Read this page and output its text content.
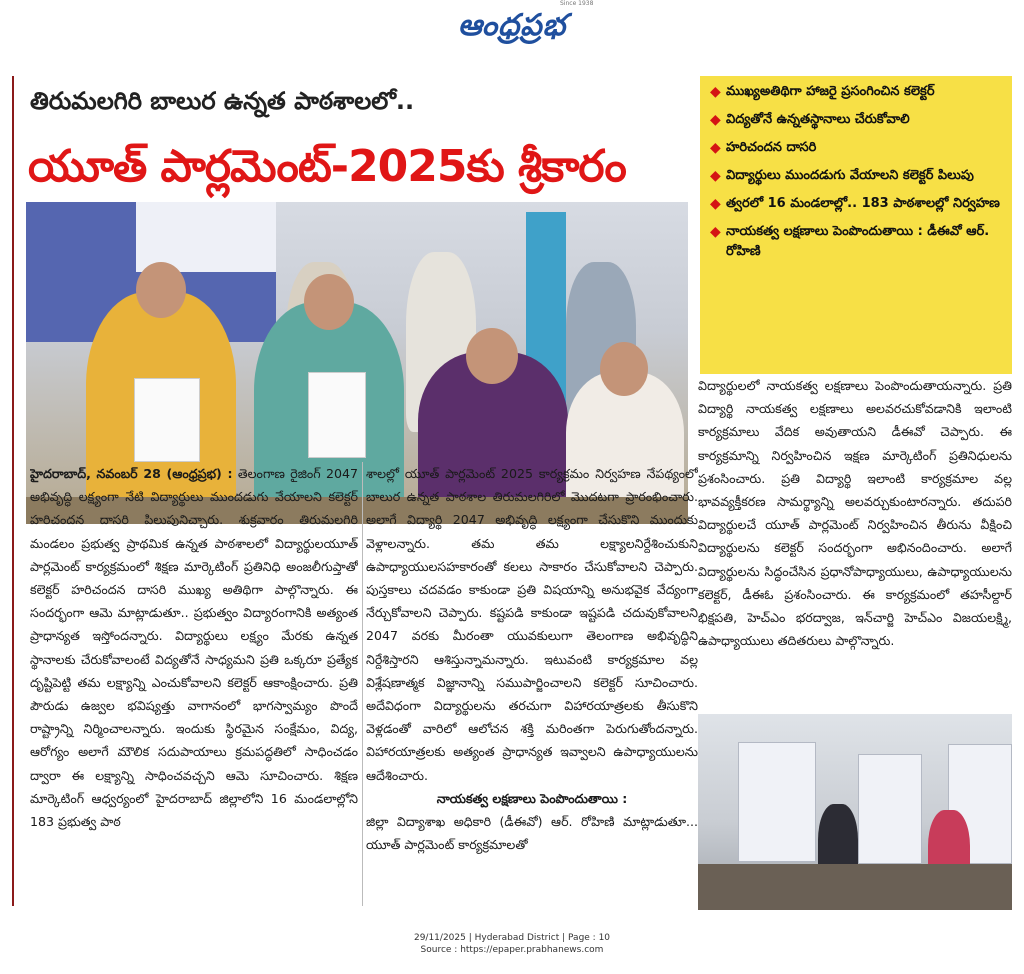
ఆంధ్రప్రభ
Since 1938
తిరుమలగిరి బాలుర ఉన్నత పాఠశాలలో..
యూత్ పార్లమెంట్-2025కు శ్రీకారం
◆ ముఖ్యఅతిథిగా హాజరై ప్రసంగించిన కలెక్టర్
◆ విద్యతోనే ఉన్నతస్థానాలు చేరుకోవాలి
◆ హరిచందన దాసరి
◆ విద్యార్థులు ముందడుగు వేయాలని కలెక్టర్ పిలుపు
◆ త్వరలో 16 మండలాల్లో.. 183 పాఠశాలల్లో నిర్వహణ
◆ నాయకత్వ లక్షణాలు పెంపొందుతాయి : డీఈవో ఆర్. రోహిణి

హైదరాబాద్, నవంబర్ 28 (ఆంధ్రప్రభ) : తెలంగాణ రైజింగ్ 2047 అభివృద్ధి లక్ష్యంగా నేటి విద్యార్థులు ముందడుగు వేయాలని కలెక్టర్ హరిచందన దాసరి పిలుపునిచ్చారు. శుక్రవారం తిరుమలగిరి మండలం ప్రభుత్వ ప్రాథమిక ఉన్నత పాఠశాలలో విద్యార్థులయూత్ పార్లమెంట్ కార్యక్రమంలో శిక్షణ మార్కెటింగ్ ప్రతినిధి అంజలీగుప్తాతో కలెక్టర్ హరిచందన దాసరి ముఖ్య అతిథిగా పాల్గొన్నారు. ఈ సందర్భంగా ఆమె మాట్లాడుతూ.. ప్రభుత్వం విద్యారంగానికి అత్యంత ప్రాధాన్యత ఇస్తోందన్నారు. విద్యార్థులు లక్ష్యం మేరకు ఉన్నత స్థానాలకు చేరుకోవాలంటే విద్యతోనే సాధ్యమని ప్రతి ఒక్కరూ ప్రత్యేక దృష్టిపెట్టి తమ లక్ష్యాన్ని ఎంచుకోవాలని కలెక్టర్ ఆకాంక్షించారు. ప్రతి పౌరుడు ఉజ్వల భవిష్యత్తు వాగానంలో భాగస్వామ్యం పొందే రాష్ట్రాన్ని నిర్మించాలన్నారు. ఇందుకు స్థిరమైన సంక్షేమం, విద్య, ఆరోగ్యం అలాగే మౌలిక సదుపాయాలు క్రమపద్ధతిలో సాధించడం ద్వారా ఈ లక్ష్యాన్ని సాధించవచ్చని ఆమె సూచించారు. శిక్షణ మార్కెటింగ్ ఆధ్వర్యంలో హైదరాబాద్ జిల్లాలోని 16 మండలాల్లోని 183 ప్రభుత్వ పాఠ

శాలల్లో యూత్ పార్లమెంట్ 2025 కార్యక్రమం నిర్వహణ నేపథ్యంలో బాలుర ఉన్నత పాఠశాల తిరుమలగిరిలో మొదటగా ప్రారంభించారు. అలాగే విద్యార్థి 2047 అభివృద్ధి లక్ష్యంగా చేసుకొని ముందుకు వెళ్లాలన్నారు. తమ తమ లక్ష్యాలనిర్దేశించుకుని ఉపాధ్యాయులసహకారంతో కలలు సాకారం చేసుకోవాలని చెప్పారు. పుస్తకాలు చదవడం కాకుండా ప్రతి విషయాన్ని అనుభవైక వేద్యంగా నేర్చుకోవాలని చెప్పారు. కష్టపడి కాకుండా ఇష్టపడి చదువుకోవాలని 2047 వరకు మీరంతా యువకులుగా తెలంగాణ అభివృద్ధిని నిర్దేశిస్తారని ఆశిస్తున్నామన్నారు. ఇటువంటి కార్యక్రమాల వల్ల విశ్లేషణాత్మక విజ్ఞానాన్ని సముపార్జించాలని కలెక్టర్ సూచించారు. అదేవిధంగా విద్యార్థులను తరచుగా విహారయాత్రలకు తీసుకొని వెళ్లడంతో వారిలో ఆలోచన శక్తి మరింతగా పెరుగుతోందన్నారు. విహారయాత్రలకు అత్యంత ప్రాధాన్యత ఇవ్వాలని ఉపాధ్యాయులను ఆదేశించారు.

నాయకత్వ లక్షణాలు పెంపొందుతాయి :

జిల్లా విద్యాశాఖ అధికారి (డీఈవో) ఆర్. రోహిణి మాట్లాడుతూ... యూత్ పార్లమెంట్ కార్యక్రమాలతో

విద్యార్థులలో నాయకత్వ లక్షణాలు పెంపొందుతాయన్నారు. ప్రతి విద్యార్థి నాయకత్వ లక్షణాలు అలవరచుకోవడానికి ఇలాంటి కార్యక్రమాలు వేదిక అవుతాయని డీఈవో చెప్పారు. ఈ కార్యక్రమాన్ని నిర్వహించిన ఇక్షణ మార్కెటింగ్ ప్రతినిధులను ప్రశంసించారు. ప్రతి విద్యార్థి ఇలాంటి కార్యక్రమాల వల్ల భావవ్యక్తీకరణ సామర్థ్యాన్ని అలవర్చుకుంటారన్నారు. తదుపరి విద్యార్థులచే యూత్ పార్లమెంట్ నిర్వహించిన తీరును వీక్షించి విద్యార్థులను కలెక్టర్ సందర్భంగా అభినందించారు. అలాగే విద్యార్థులను సిద్ధంచేసిన ప్రధానోపాధ్యాయులు, ఉపాధ్యాయులను కలెక్టర్, డీఈఓ ప్రశంసించారు. ఈ కార్యక్రమంలో తహసీల్దార్ భిక్షపతి, హెచ్ఎం భరద్వాజ, ఇన్‌చార్జి హెచ్ఎం విజయలక్ష్మి, ఉపాధ్యాయులు తదితరులు పాల్గొన్నారు.

29/11/2025 | Hyderabad District | Page : 10
Source : https://epaper.prabhanews.com
